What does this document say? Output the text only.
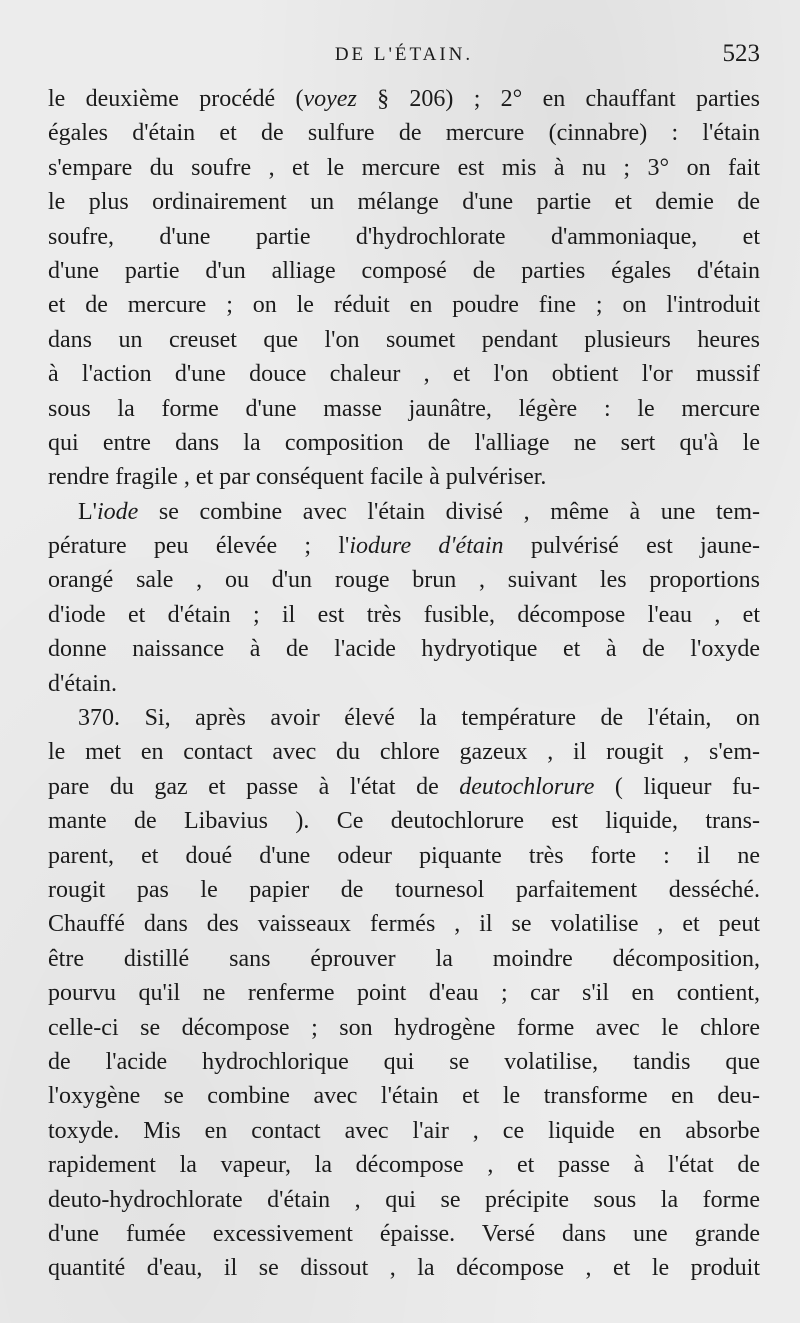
DE L'ÉTAIN.	523
le deuxième procédé (voyez § 206) ; 2° en chauffant parties
égales d'étain et de sulfure de mercure (cinnabre) : l'étain
s'empare du soufre , et le mercure est mis à nu ; 3° on fait
le plus ordinairement un mélange d'une partie et demie de
soufre, d'une partie d'hydrochlorate d'ammoniaque, et
d'une partie d'un alliage composé de parties égales d'étain
et de mercure ; on le réduit en poudre fine ; on l'introduit
dans un creuset que l'on soumet pendant plusieurs heures
à l'action d'une douce chaleur , et l'on obtient l'or mussif
sous la forme d'une masse jaunâtre, légère : le mercure
qui entre dans la composition de l'alliage ne sert qu'à le
rendre fragile , et par conséquent facile à pulvériser.
L'iode se combine avec l'étain divisé , même à une tem-
pérature peu élevée ; l'iodure d'étain pulvérisé est jaune-
orangé sale , ou d'un rouge brun , suivant les proportions
d'iode et d'étain ; il est très fusible, décompose l'eau , et
donne naissance à de l'acide hydryotique et à de l'oxyde
d'étain.
370. Si, après avoir élevé la température de l'étain, on
le met en contact avec du chlore gazeux , il rougit , s'em-
pare du gaz et passe à l'état de deutochlorure ( liqueur fu-
mante de Libavius ). Ce deutochlorure est liquide, trans-
parent, et doué d'une odeur piquante très forte : il ne
rougit pas le papier de tournesol parfaitement desséché.
Chauffé dans des vaisseaux fermés , il se volatilise , et peut
être distillé sans éprouver la moindre décomposition,
pourvu qu'il ne renferme point d'eau ; car s'il en contient,
celle-ci se décompose ; son hydrogène forme avec le chlore
de l'acide hydrochlorique qui se volatilise, tandis que
l'oxygène se combine avec l'étain et le transforme en deu-
toxyde. Mis en contact avec l'air , ce liquide en absorbe
rapidement la vapeur, la décompose , et passe à l'état de
deuto-hydrochlorate d'étain , qui se précipite sous la forme
d'une fumée excessivement épaisse. Versé dans une grande
quantité d'eau, il se dissout , la décompose , et le produit
